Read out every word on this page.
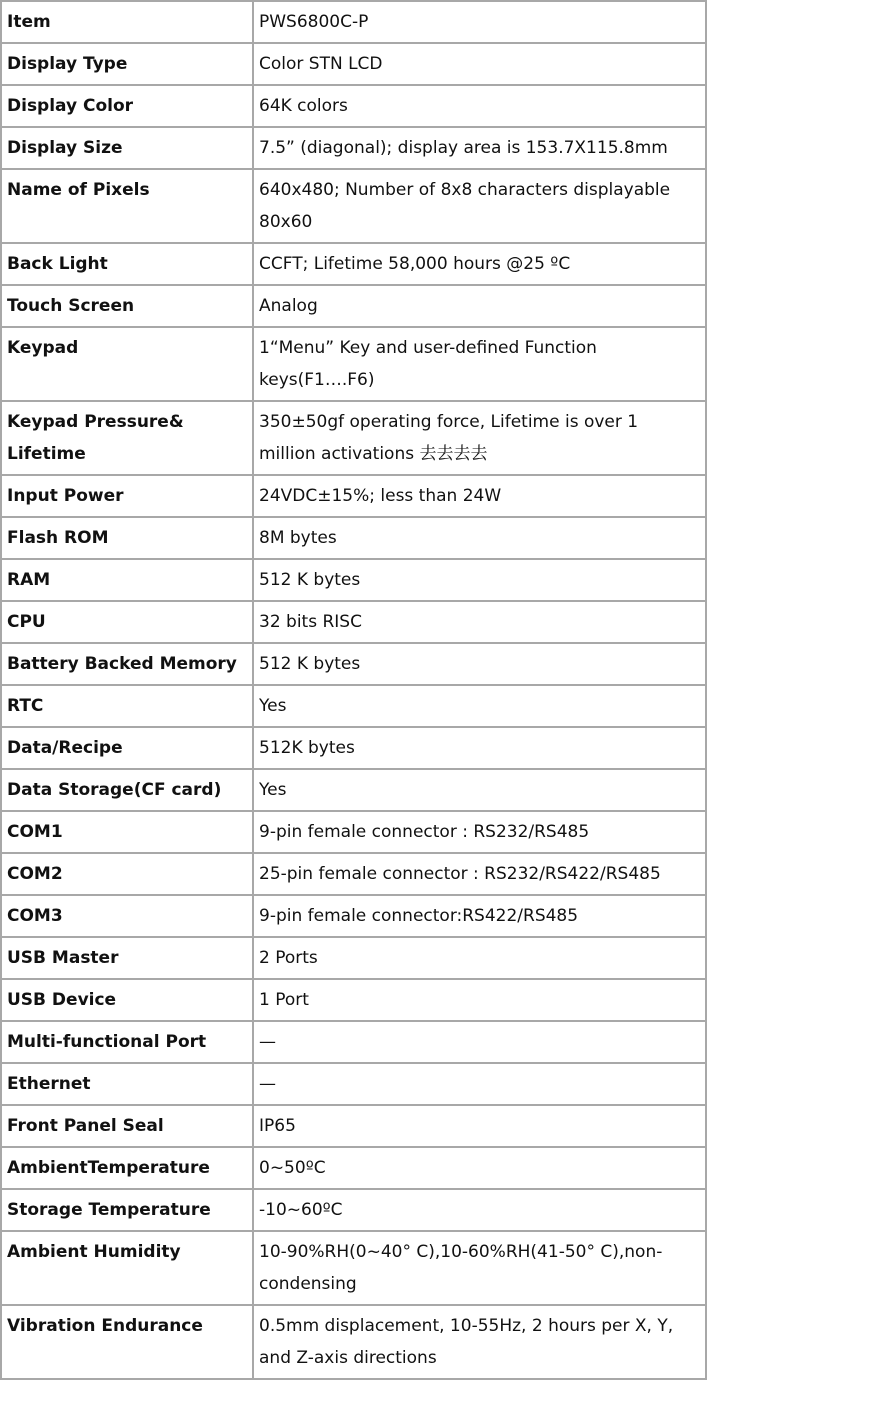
Item	PWS6800C-P
Display Type	Color STN LCD
Display Color	64K colors
Display Size	7.5” (diagonal); display area is 153.7X115.8mm
Name of Pixels	640x480; Number of 8x8 characters displayable 80x60
Back Light	CCFT; Lifetime 58,000 hours @25 ºC
Touch Screen	Analog
Keypad	1“Menu” Key and user-defined Function keys(F1….F6)
Keypad Pressure& Lifetime	350±50gf operating force, Lifetime is over 1 million activations 去去去去
Input Power	24VDC±15%; less than 24W
Flash ROM	8M bytes
RAM	512 K bytes
CPU	32 bits RISC
Battery Backed Memory	512 K bytes
RTC	Yes
Data/Recipe	512K bytes
Data Storage(CF card)	Yes
COM1	9-pin female connector : RS232/RS485
COM2	25-pin female connector : RS232/RS422/RS485
COM3	9-pin female connector:RS422/RS485
USB Master	2 Ports
USB Device	1 Port
Multi-functional Port	—
Ethernet	—
Front Panel Seal	IP65
AmbientTemperature	0~50ºC
Storage Temperature	-10~60ºC
Ambient Humidity	10-90%RH(0~40° C),10-60%RH(41-50° C),non-condensing
Vibration Endurance	0.5mm displacement, 10-55Hz, 2 hours per X, Y, and Z-axis directions
